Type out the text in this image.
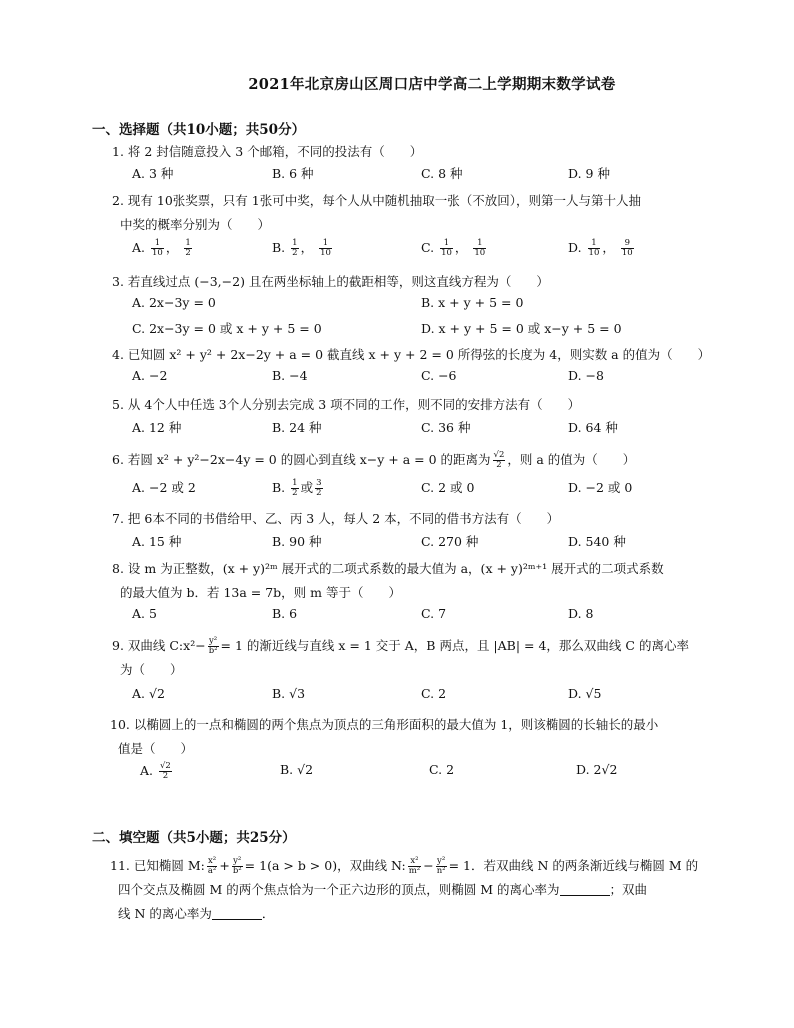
2021年北京房山区周口店中学高二上学期期末数学试卷
一、选择题（共10小题；共50分）
1. 将 2 封信随意投入 3 个邮箱，不同的投法有（　　）
A. 3 种	B. 6 种	C. 8 种	D. 9 种
2. 现有 10张奖票，只有 1张可中奖，每个人从中随机抽取一张（不放回），则第一人与第十人抽
中奖的概率分别为（　　）
A. $\frac{1}{10}$ ， $\frac{1}{2}$	B. $\frac{1}{2}$ ， $\frac{1}{10}$	C. $\frac{1}{10}$ ， $\frac{1}{10}$	D. $\frac{1}{10}$ ， $\frac{9}{10}$
3. 若直线过点 (−3,−2) 且在两坐标轴上的截距相等，则这直线方程为（　　）
A. 2x−3y = 0	B. x + y + 5 = 0
C. 2x−3y = 0 或 x + y + 5 = 0	D. x + y + 5 = 0 或 x−y + 5 = 0
4. 已知圆 x² + y² + 2x−2y + a = 0 截直线 x + y + 2 = 0 所得弦的长度为 4，则实数 a 的值为（　　）
A. −2	B. −4	C. −6	D. −8
5. 从 4个人中任选 3个人分别去完成 3 项不同的工作，则不同的安排方法有（　　）
A. 12 种	B. 24 种	C. 36 种	D. 64 种
6. 若圆 x² + y²−2x−4y = 0 的圆心到直线 x−y + a = 0 的距离为 $\frac{√2}{2}$ ，则 a 的值为（　　）
A. −2 或 2	B. $\frac{1}{2}$ 或 $\frac{3}{2}$	C. 2 或 0	D. −2 或 0
7. 把 6本不同的书借给甲、乙、丙 3 人，每人 2 本，不同的借书方法有（　　）
A. 15 种	B. 90 种	C. 270 种	D. 540 种
8. 设 m 为正整数，(x + y)²ᵐ 展开式的二项式系数的最大值为 a，(x + y)²ᵐ⁺¹ 展开式的二项式系数
的最大值为 b．若 13a = 7b，则 m 等于（　　）
A. 5	B. 6	C. 7	D. 8
9. 双曲线 C:x²− $\frac{\text{y²}}{\text{b²}} = 1$ 的渐近线与直线 x = 1 交于 A，B 两点，且 |AB| = 4，那么双曲线 C 的离心率
为（　　）
A. √2	B. √3	C. 2	D. √5
10. 以椭圆上的一点和椭圆的两个焦点为顶点的三角形面积的最大值为 1，则该椭圆的长轴长的最小
值是（　　）
A. $\frac{√2}{2}$	B. √2	C. 2	D. 2√2
二、填空题（共5小题；共25分）
11. 已知椭圆 M: $\frac{\text{x²}}{\text{a²}} + \frac{\text{y²}}{\text{b²}} = 1(a > b > 0)$，双曲线 N: $\frac{\text{x²}}{\text{m²}} - \frac{\text{y²}}{\text{n²}} = 1$．若双曲线 N 的两条渐近线与椭圆 M 的
四个交点及椭圆 M 的两个焦点恰为一个正六边形的顶点，则椭圆 M 的离心率为	；双曲
线 N 的离心率为	．
